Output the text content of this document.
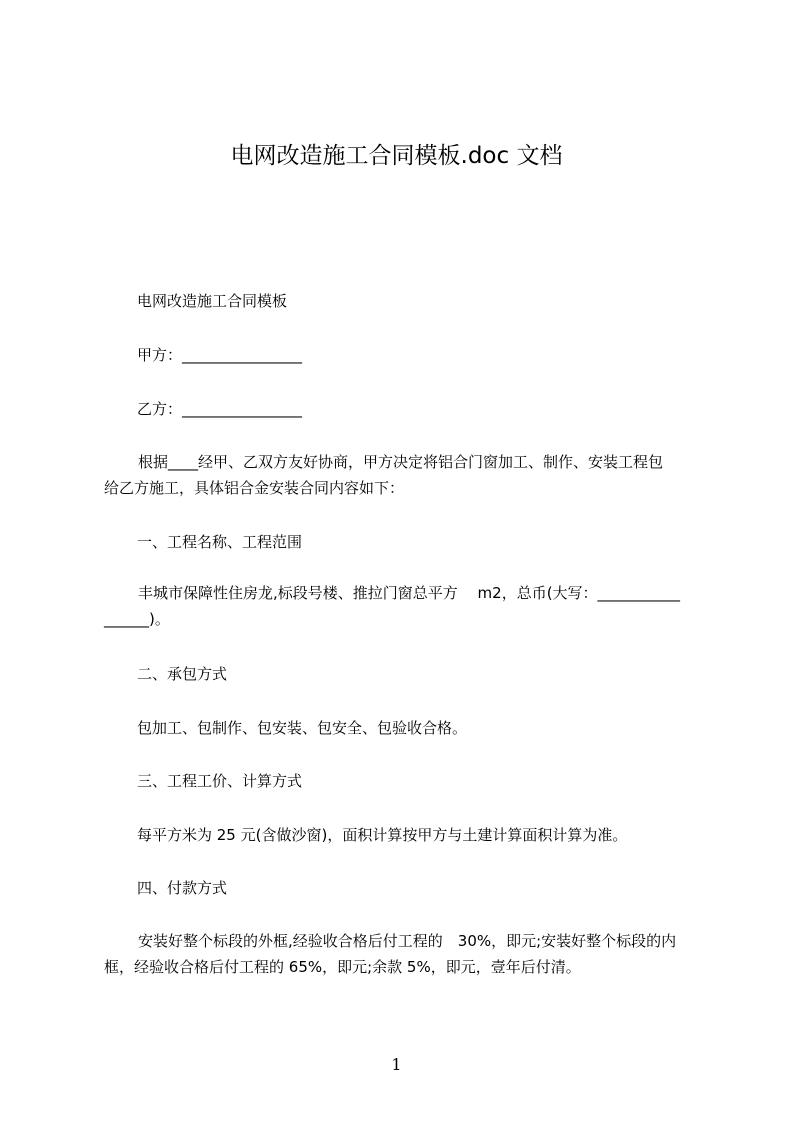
电网改造施工合同模板.doc 文档
电网改造施工合同模板
甲方：________________
乙方：________________
根据____经甲、乙双方友好协商，甲方决定将铝合门窗加工、制作、安装工程包
给乙方施工，具体铝合金安装合同内容如下：
一、工程名称、工程范围
丰城市保障性住房龙,标段号楼、推拉门窗总平方　 m2，总币(大写：___________
______)。
二、承包方式
包加工、包制作、包安装、包安全、包验收合格。
三、工程工价、计算方式
每平方米为 25 元(含做沙窗)，面积计算按甲方与土建计算面积计算为准。
四、付款方式
安装好整个标段的外框,经验收合格后付工程的　30%，即元;安装好整个标段的内
框，经验收合格后付工程的 65%，即元;余款 5%，即元，壹年后付清。
1
